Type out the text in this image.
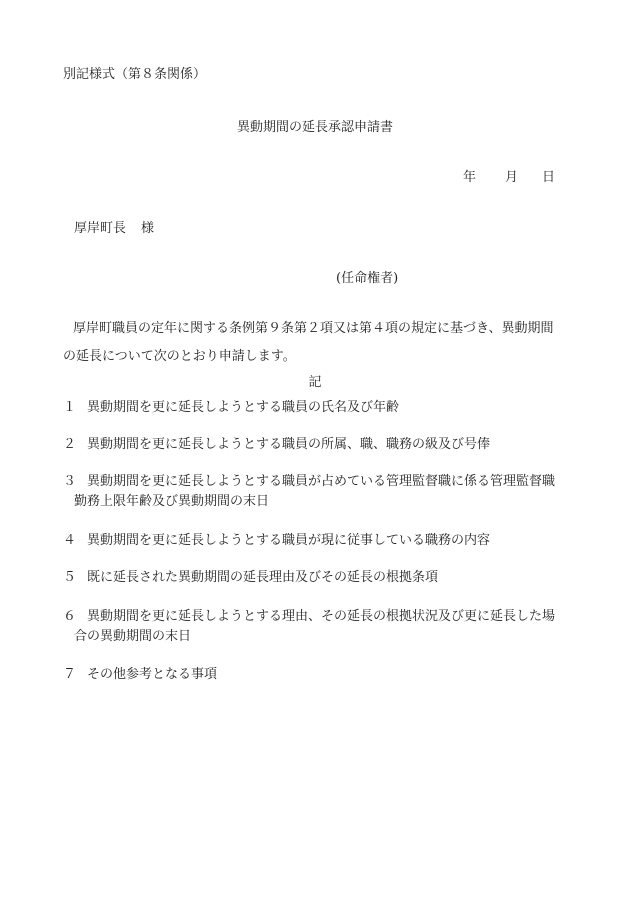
別記様式（第８条関係）
異動期間の延長承認申請書
年 月 日
厚岸町長 様
(任命権者)
厚岸町職員の定年に関する条例第９条第２項又は第４項の規定に基づき、異動期間
の延長について次のとおり申請します。
記
１ 異動期間を更に延長しようとする職員の氏名及び年齢
２ 異動期間を更に延長しようとする職員の所属、職、職務の級及び号俸
３ 異動期間を更に延長しようとする職員が占めている管理監督職に係る管理監督職
勤務上限年齢及び異動期間の末日
４ 異動期間を更に延長しようとする職員が現に従事している職務の内容
５ 既に延長された異動期間の延長理由及びその延長の根拠条項
６ 異動期間を更に延長しようとする理由、その延長の根拠状況及び更に延長した場
合の異動期間の末日
７ その他参考となる事項
